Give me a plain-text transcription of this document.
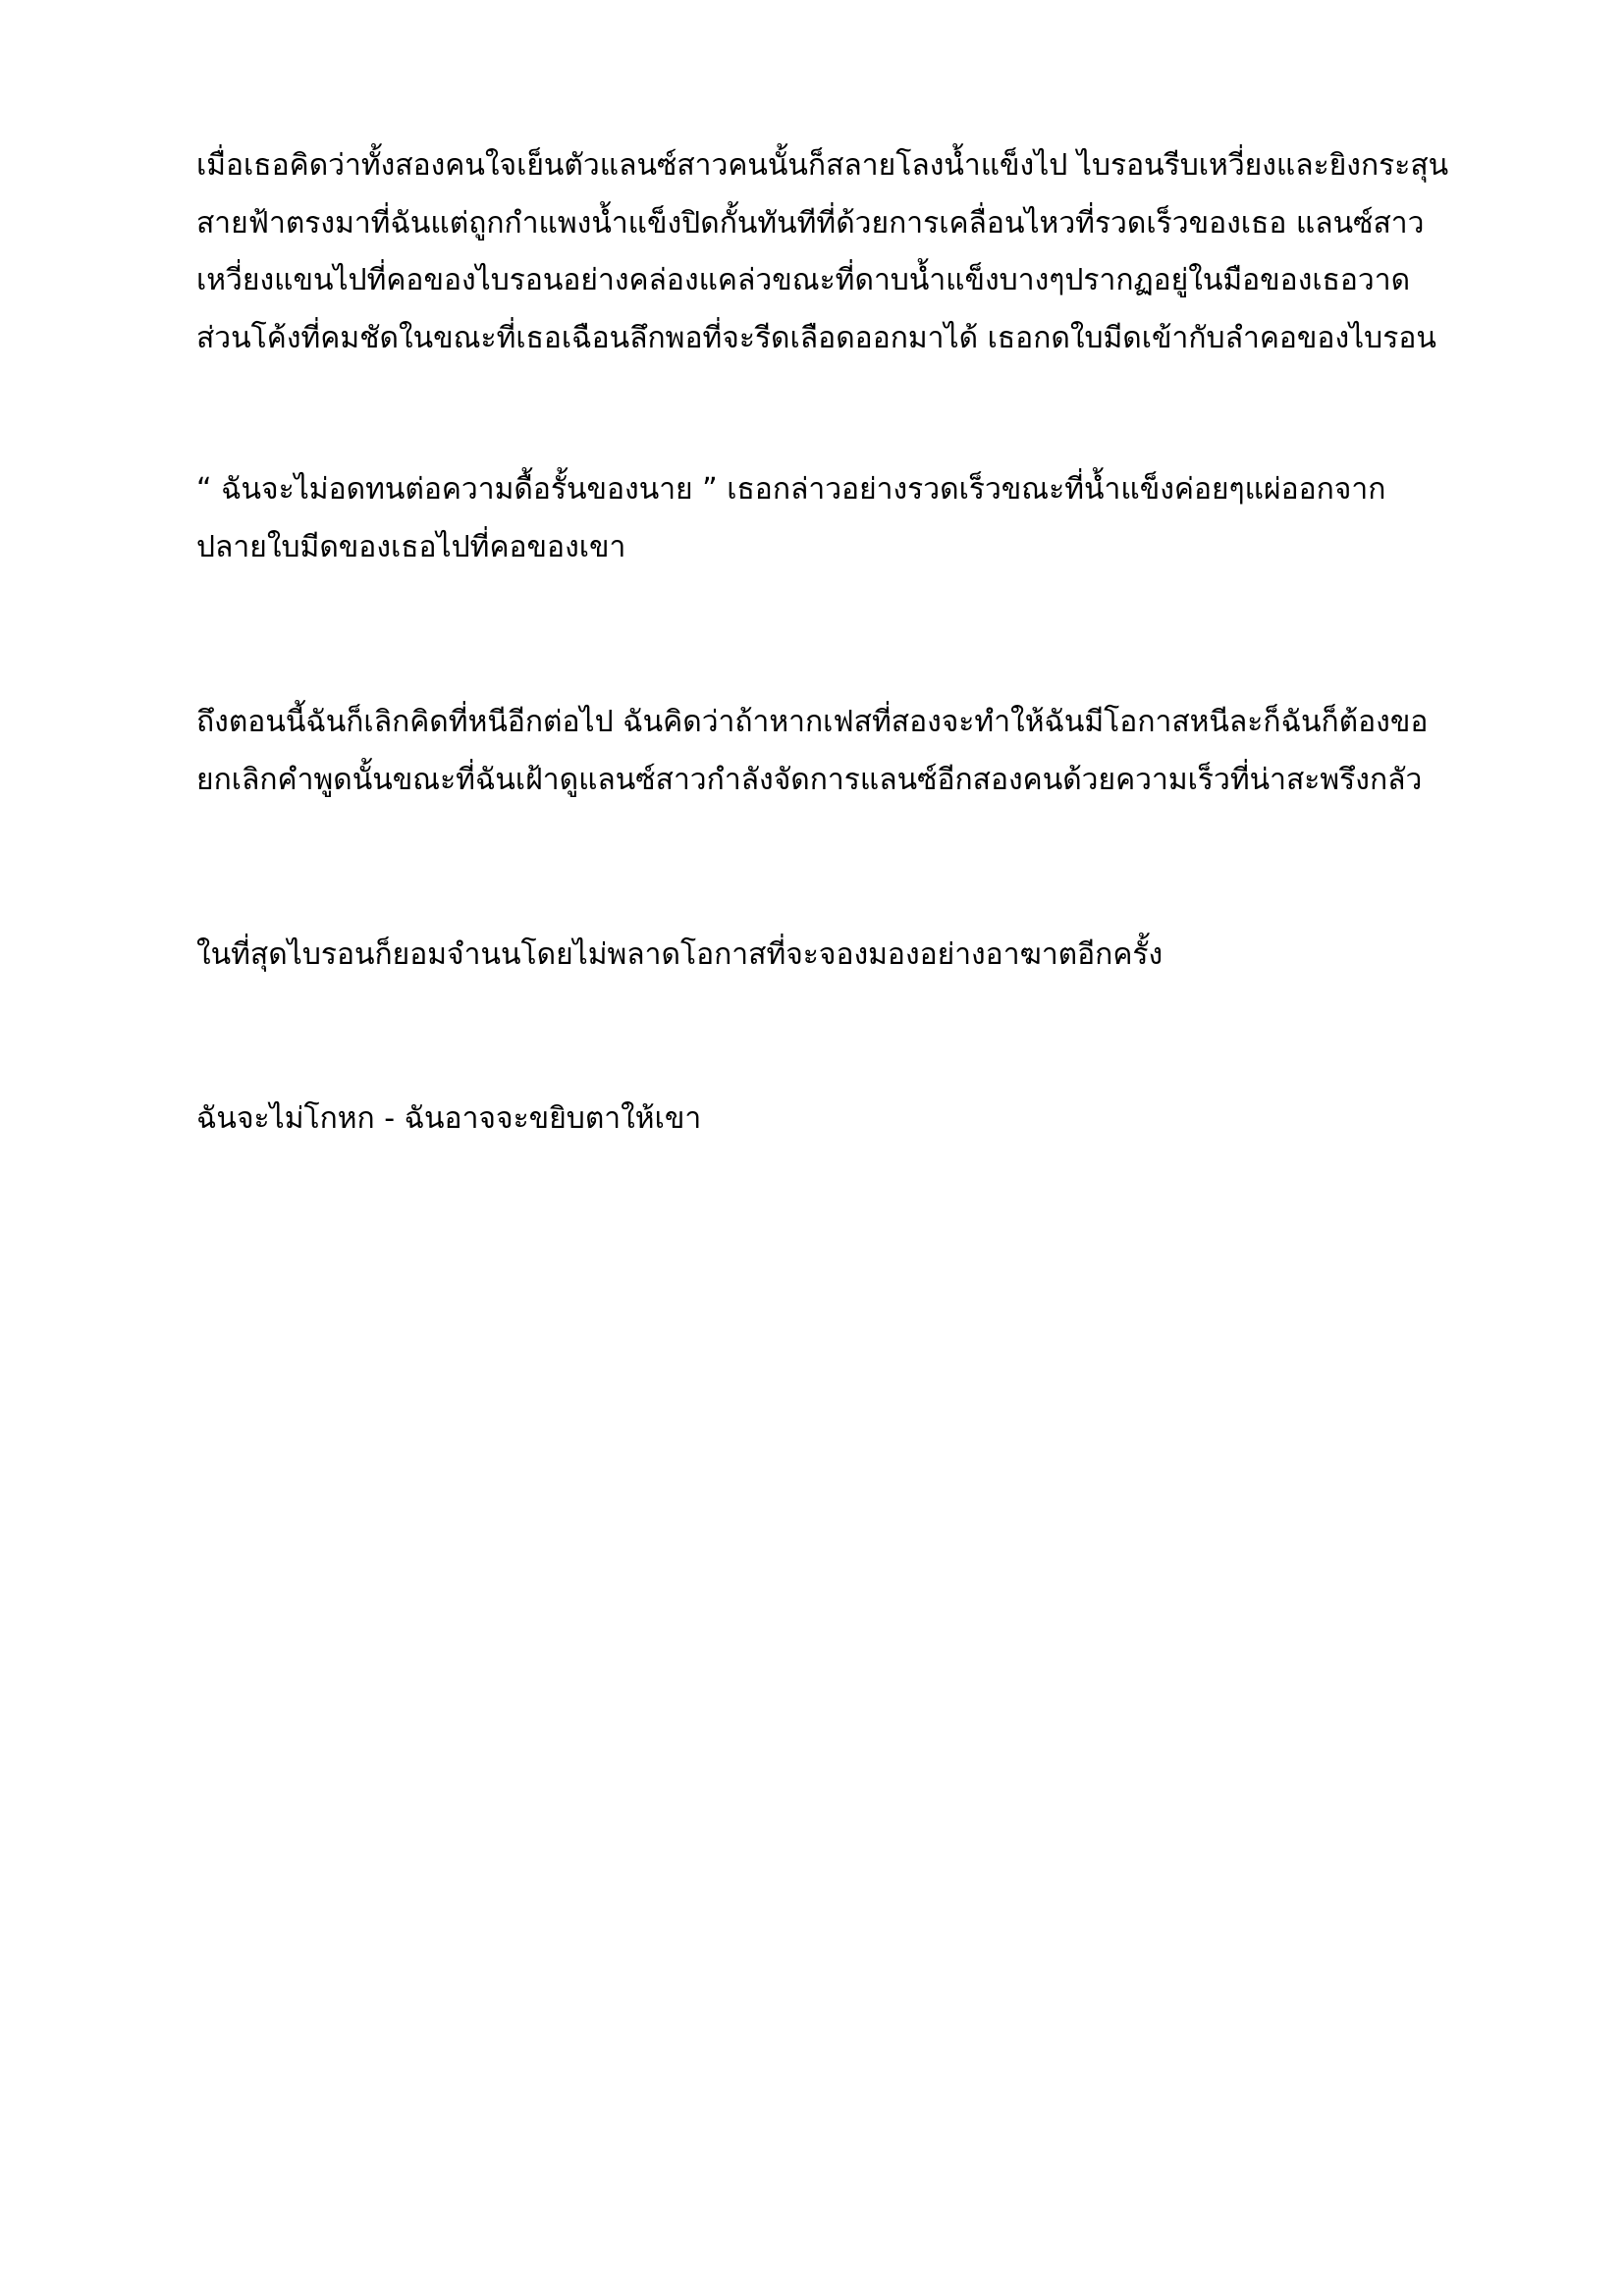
เมื่อเธอคิดว่าทั้งสองคนใจเย็นตัวแลนซ์สาวคนนั้นก็สลายโลงน้ำแข็งไป ไบรอนรีบเหวี่ยงและยิงกระสุนสายฟ้าตรงมาที่ฉันแต่ถูกกำแพงน้ำแข็งปิดกั้นทันทีที่ด้วยการเคลื่อนไหวที่รวดเร็วของเธอ แลนซ์สาวเหวี่ยงแขนไปที่คอของไบรอนอย่างคล่องแคล่วขณะที่ดาบน้ำแข็งบางๆปรากฏอยู่ในมือของเธอวาดส่วนโค้งที่คมชัดในขณะที่เธอเฉือนลึกพอที่จะรีดเลือดออกมาได้ เธอกดใบมีดเข้ากับลำคอของไบรอน

“ ฉันจะไม่อดทนต่อความดื้อรั้นของนาย ” เธอกล่าวอย่างรวดเร็วขณะที่น้ำแข็งค่อยๆแผ่ออกจากปลายใบมีดของเธอไปที่คอของเขา

ถึงตอนนี้ฉันก็เลิกคิดที่หนีอีกต่อไป ฉันคิดว่าถ้าหากเฟสที่สองจะทำให้ฉันมีโอกาสหนีละก็ฉันก็ต้องขอยกเลิกคำพูดนั้นขณะที่ฉันเฝ้าดูแลนซ์สาวกำลังจัดการแลนซ์อีกสองคนด้วยความเร็วที่น่าสะพรึงกลัว

ในที่สุดไบรอนก็ยอมจำนนโดยไม่พลาดโอกาสที่จะจองมองอย่างอาฆาตอีกครั้ง

ฉันจะไม่โกหก - ฉันอาจจะขยิบตาให้เขา
